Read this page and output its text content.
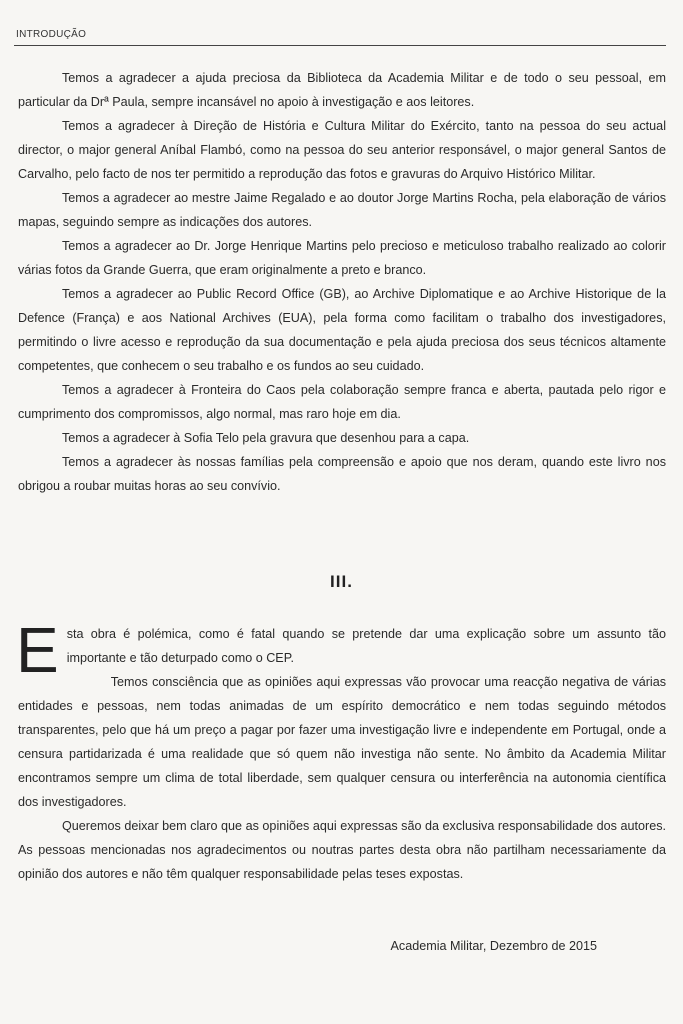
INTRODUÇÃO

Temos a agradecer a ajuda preciosa da Biblioteca da Academia Militar e de todo o seu pessoal, em particular da Drª Paula, sempre incansável no apoio à investigação e aos leitores.

Temos a agradecer à Direção de História e Cultura Militar do Exército, tanto na pessoa do seu actual director, o major general Aníbal Flambó, como na pessoa do seu anterior responsável, o major general Santos de Carvalho, pelo facto de nos ter permitido a reprodução das fotos e gravuras do Arquivo Histórico Militar.

Temos a agradecer ao mestre Jaime Regalado e ao doutor Jorge Martins Rocha, pela elaboração de vários mapas, seguindo sempre as indicações dos autores.

Temos a agradecer ao Dr. Jorge Henrique Martins pelo precioso e meticuloso trabalho realizado ao colorir várias fotos da Grande Guerra, que eram originalmente a preto e branco.

Temos a agradecer ao Public Record Office (GB), ao Archive Diplomatique e ao Archive Historique de la Defence (França) e aos National Archives (EUA), pela forma como facilitam o trabalho dos investigadores, permitindo o livre acesso e reprodução da sua documentação e pela ajuda preciosa dos seus técnicos altamente competentes, que conhecem o seu trabalho e os fundos ao seu cuidado.

Temos a agradecer à Fronteira do Caos pela colaboração sempre franca e aberta, pautada pelo rigor e cumprimento dos compromissos, algo normal, mas raro hoje em dia.

Temos a agradecer à Sofia Telo pela gravura que desenhou para a capa.

Temos a agradecer às nossas famílias pela compreensão e apoio que nos deram, quando este livro nos obrigou a roubar muitas horas ao seu convívio.

III.

Esta obra é polémica, como é fatal quando se pretende dar uma explicação sobre um assunto tão importante e tão deturpado como o CEP.

Temos consciência que as opiniões aqui expressas vão provocar uma reacção negativa de várias entidades e pessoas, nem todas animadas de um espírito democrático e nem todas seguindo métodos transparentes, pelo que há um preço a pagar por fazer uma investigação livre e independente em Portugal, onde a censura partidarizada é uma realidade que só quem não investiga não sente. No âmbito da Academia Militar encontramos sempre um clima de total liberdade, sem qualquer censura ou interferência na autonomia científica dos investigadores.

Queremos deixar bem claro que as opiniões aqui expressas são da exclusiva responsabilidade dos autores. As pessoas mencionadas nos agradecimentos ou noutras partes desta obra não partilham necessariamente da opinião dos autores e não têm qualquer responsabilidade pelas teses expostas.

Academia Militar, Dezembro de 2015
